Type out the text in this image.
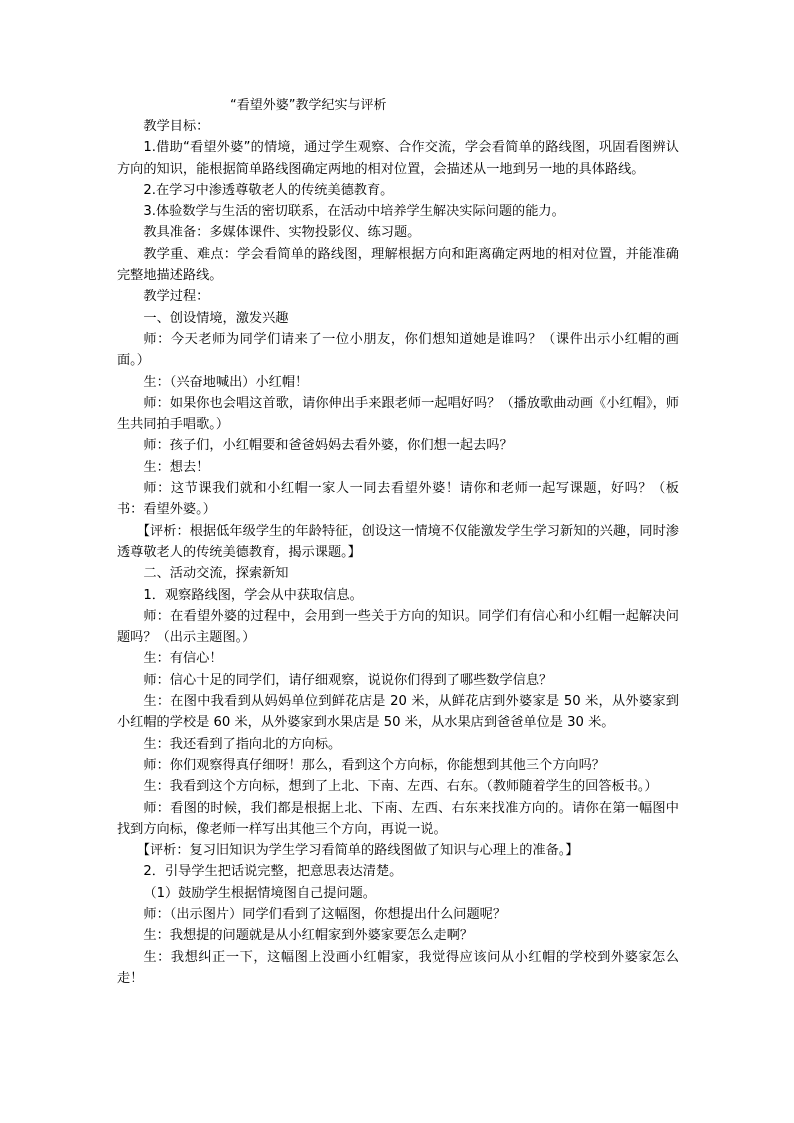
“看望外婆”教学纪实与评析

教学目标：

1.借助“看望外婆”的情境，通过学生观察、合作交流，学会看简单的路线图，巩固看图辨认方向的知识，能根据简单路线图确定两地的相对位置，会描述从一地到另一地的具体路线。

2.在学习中渗透尊敬老人的传统美德教育。

3.体验数学与生活的密切联系，在活动中培养学生解决实际问题的能力。

教具准备：多媒体课件、实物投影仪、练习题。

教学重、难点：学会看简单的路线图，理解根据方向和距离确定两地的相对位置，并能准确完整地描述路线。

教学过程：

一、创设情境，激发兴趣

师：今天老师为同学们请来了一位小朋友，你们想知道她是谁吗？（课件出示小红帽的画面。）

生：（兴奋地喊出）小红帽！

师：如果你也会唱这首歌，请你伸出手来跟老师一起唱好吗？（播放歌曲动画《小红帽》，师生共同拍手唱歌。）

师：孩子们，小红帽要和爸爸妈妈去看外婆，你们想一起去吗？

生：想去！

师：这节课我们就和小红帽一家人一同去看望外婆！请你和老师一起写课题，好吗？（板书：看望外婆。）

【评析：根据低年级学生的年龄特征，创设这一情境不仅能激发学生学习新知的兴趣，同时渗透尊敬老人的传统美德教育，揭示课题。】

二、活动交流，探索新知

1．观察路线图，学会从中获取信息。

师：在看望外婆的过程中，会用到一些关于方向的知识。同学们有信心和小红帽一起解决问题吗？（出示主题图。）

生：有信心！

师：信心十足的同学们，请仔细观察，说说你们得到了哪些数学信息？

生：在图中我看到从妈妈单位到鲜花店是 20 米，从鲜花店到外婆家是 50 米，从外婆家到小红帽的学校是 60 米，从外婆家到水果店是 50 米，从水果店到爸爸单位是 30 米。

生：我还看到了指向北的方向标。

师：你们观察得真仔细呀！那么，看到这个方向标，你能想到其他三个方向吗？

生：我看到这个方向标，想到了上北、下南、左西、右东。（教师随着学生的回答板书。）

师：看图的时候，我们都是根据上北、下南、左西、右东来找准方向的。请你在第一幅图中找到方向标，像老师一样写出其他三个方向，再说一说。

【评析：复习旧知识为学生学习看简单的路线图做了知识与心理上的准备。】

2．引导学生把话说完整，把意思表达清楚。

（1）鼓励学生根据情境图自己提问题。

师：（出示图片）同学们看到了这幅图，你想提出什么问题呢？

生：我想提的问题就是从小红帽家到外婆家要怎么走啊？

生：我想纠正一下，这幅图上没画小红帽家，我觉得应该问从小红帽的学校到外婆家怎么走！
